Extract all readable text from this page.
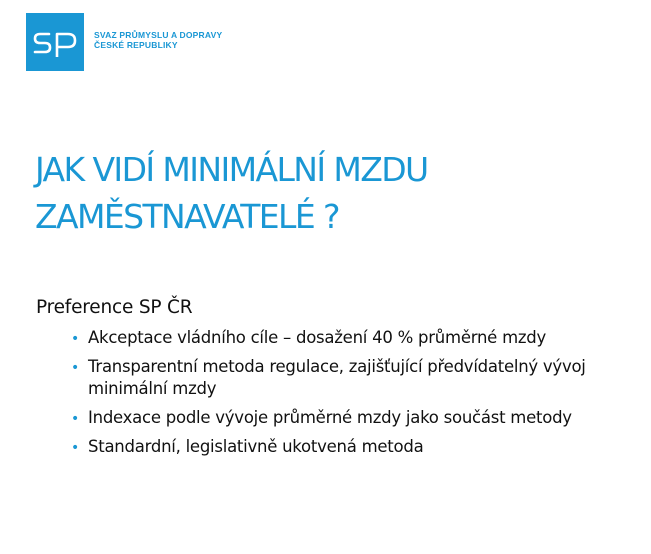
SVAZ PRŮMYSLU A DOPRAVY
ČESKÉ REPUBLIKY
JAK VIDÍ MINIMÁLNÍ MZDU
ZAMĚSTNAVATELÉ ?

Preference SP ČR

• Akceptace vládního cíle – dosažení 40 % průměrné mzdy
• Transparentní metoda regulace, zajišťující předvídatelný vývoj minimální mzdy
• Indexace podle vývoje průměrné mzdy jako součást metody
• Standardní, legislativně ukotvená metoda
